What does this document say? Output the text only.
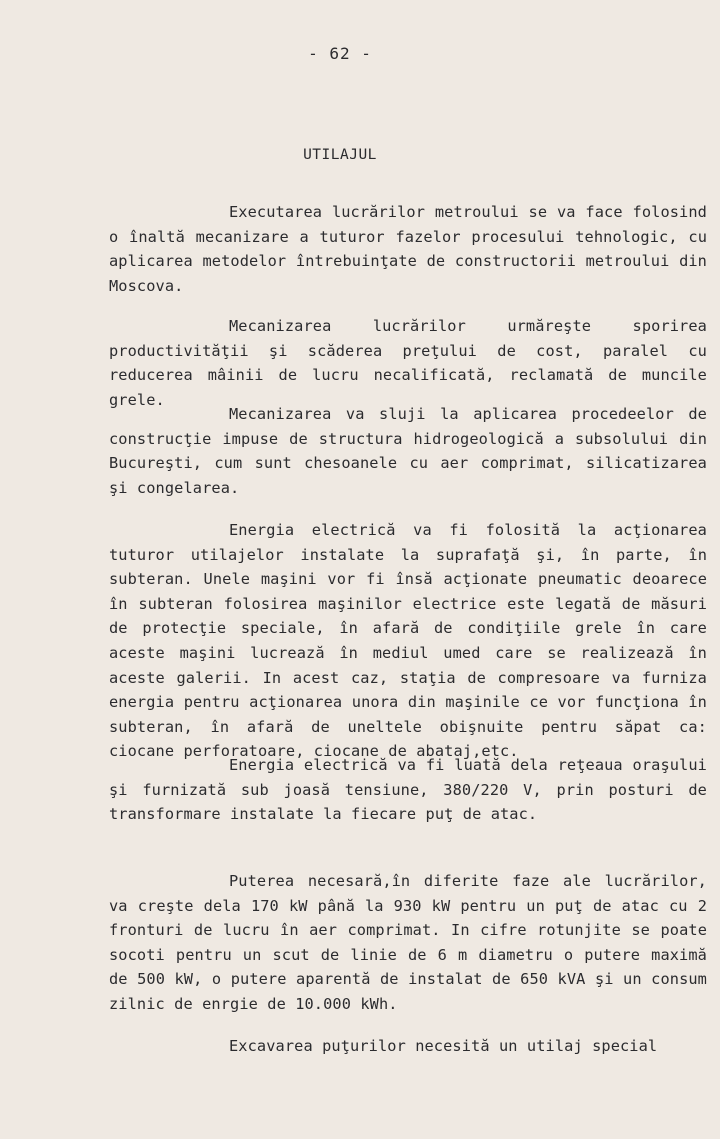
- 62 -
UTILAJUL

Executarea lucrărilor metroului se va face folosind o înaltă mecanizare a tuturor fazelor procesului tehnologic, cu aplicarea metodelor întrebuinţate de constructorii metroului din Moscova.

Mecanizarea lucrărilor urmăreşte sporirea productivităţii şi scăderea preţului de cost, paralel cu reducerea mâinii de lucru necalificată, reclamată de muncile grele.

Mecanizarea va sluji la aplicarea procedeelor de construcţie impuse de structura hidrogeologică a subsolului din Bucureşti, cum sunt chesoanele cu aer comprimat, silicatizarea şi congelarea.

Energia electrică va fi folosită la acţionarea tuturor utilajelor instalate la suprafaţă şi, în parte, în subteran. Unele maşini vor fi însă acţionate pneumatic deoarece în subteran folosirea maşinilor electrice este legată de măsuri de protecţie speciale, în afară de condiţiile grele în care aceste maşini lucrează în mediul umed care se realizează în aceste galerii. In acest caz, staţia de compresoare va furniza energia pentru acţionarea unora din maşinile ce vor funcţiona în subteran, în afară de uneltele obişnuite pentru săpat ca: ciocane perforatoare, ciocane de abataj,etc.

Energia electrică va fi luată dela reţeaua oraşului şi furnizată sub joasă tensiune, 380/220 V, prin posturi de transformare instalate la fiecare puţ de atac.

Puterea necesară,în diferite faze ale lucrărilor, va creşte dela 170 kW până la 930 kW pentru un puţ de atac cu 2 fronturi de lucru în aer comprimat. In cifre rotunjite se poate socoti pentru un scut de linie de 6 m diametru o putere maximă de 500 kW, o putere aparentă de instalat de 650 kVA şi un consum zilnic de enrgie de 10.000 kWh.

Excavarea puţurilor necesită un utilaj special
